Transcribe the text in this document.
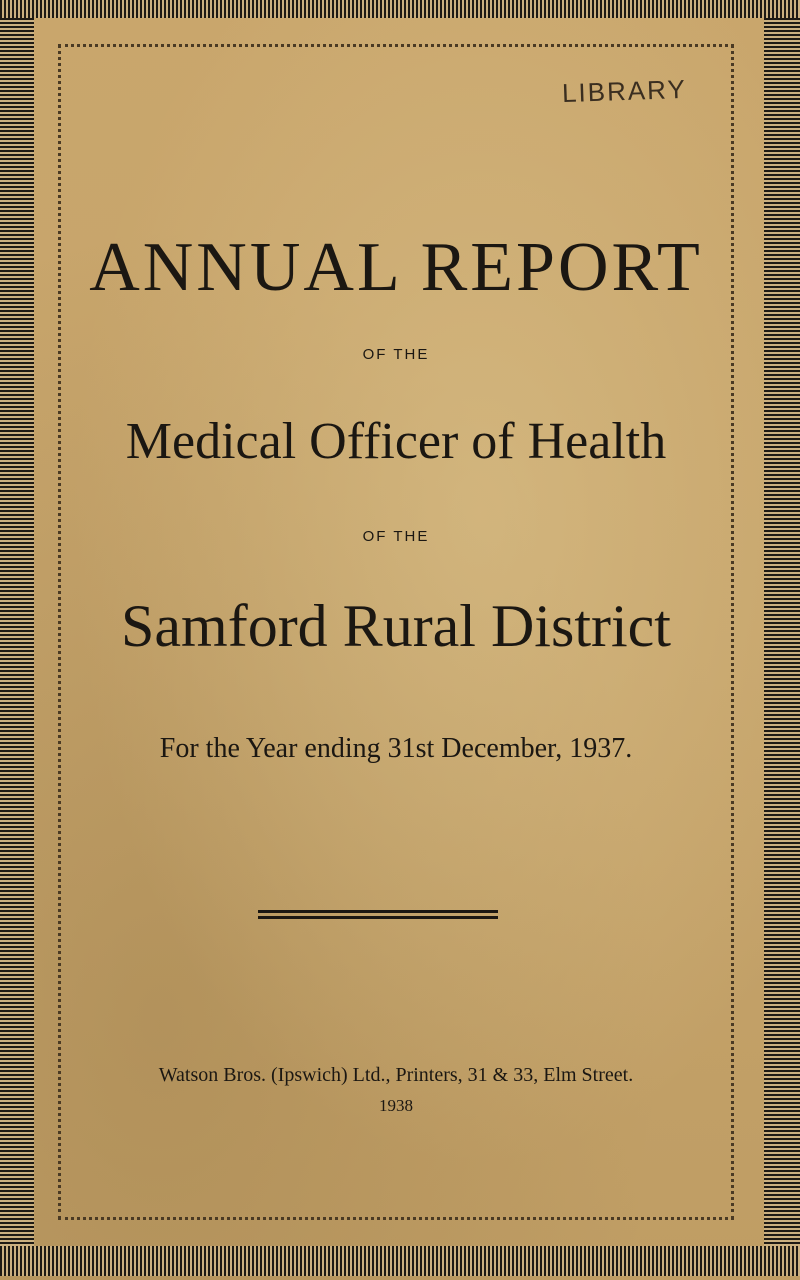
LIBRARY
ANNUAL REPORT
OF THE
Medical Officer of Health
OF THE
Samford Rural District
For the Year ending 31st December, 1937.
Watson Bros. (Ipswich) Ltd., Printers, 31 & 33, Elm Street.
1938
